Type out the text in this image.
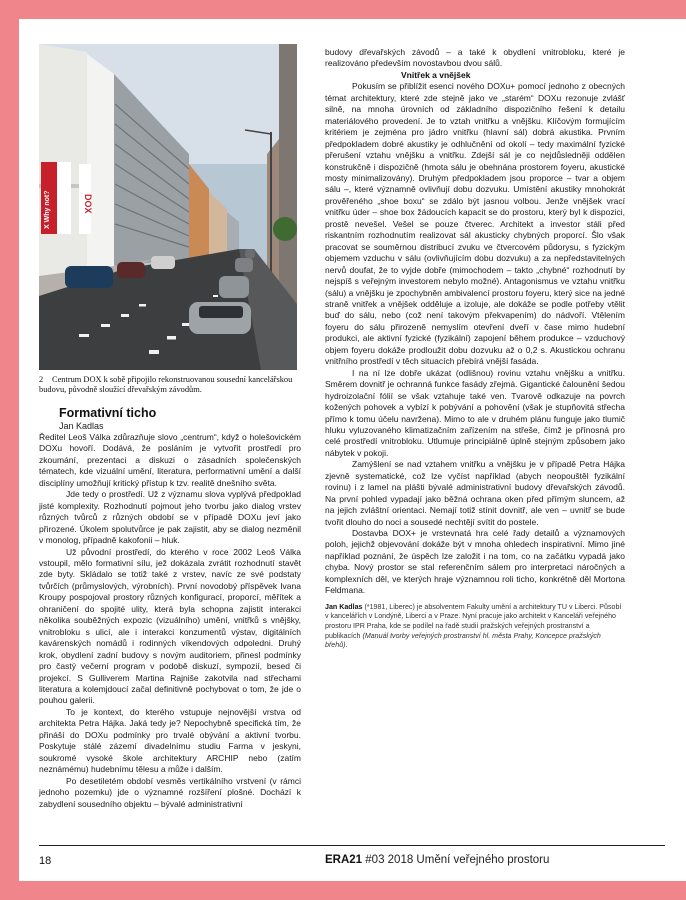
DOX
X Why not?
2 Centrum DOX k sobě připojilo rekonstruovanou sousední kancelářskou budovu, původně sloužící dřevařským závodům.
Formativní ticho
Jan Kadlas

Ředitel Leoš Válka zdůrazňuje slovo „centrum“, když o holešovickém DOXu hovoří. Dodává, že posláním je vytvořit prostředí pro zkoumání, prezentaci a diskuzi o zásadních společenských tématech, kde vizuální umění, literatura, performativní umění a další disciplíny umožňují kritický přístup k tzv. realitě dnešního světa.

Jde tedy o prostředí. Už z významu slova vyplývá předpoklad jisté komplexity. Rozhodnutí pojmout jeho tvorbu jako dialog vrstev různých tvůrců z různých období se v případě DOXu jeví jako přirozené. Úkolem spolutvůrce je pak zajistit, aby se dialog nezměnil v monolog, případně kakofonii – hluk.

Už původní prostředí, do kterého v roce 2002 Leoš Válka vstoupil, mělo formativní sílu, jež dokázala zvrátit rozhodnutí stavět zde byty. Skládalo se totiž také z vrstev, navíc ze své podstaty tvůrčích (průmyslových, výrobních). První novodobý příspěvek Ivana Kroupy pospojoval prostory různých konfigurací, proporcí, měřítek a ohraničení do spojité ulity, která byla schopna zajistit interakci několika souběžných expozic (vizuálního) umění, vnitřků s vnějšky, vnitrobloku s ulicí, ale i interakci konzumentů výstav, digitálních kavárenských nomádů i rodinných víkendových odpoledni. Druhý krok, obydlení zadní budovy s novým auditoriem, přinesl podmínky pro častý večerní program v podobě diskuzí, sympozií, besed či projekcí. S Gulliverem Martina Rajniše zakotvila nad střechami literatura a kolemjdoucí začal definitivně pochybovat o tom, že jde o pouhou galerii.

To je kontext, do kterého vstupuje nejnovější vrstva od architekta Petra Hájka. Jaká tedy je? Nepochybně specifická tím, že přináší do DOXu podmínky pro trvalé obývání a aktivní tvorbu. Poskytuje stálé zázemí divadelnímu studiu Farma v jeskyni, soukromé vysoké škole architektury ARCHIP nebo (zatím neznámému) hudebnímu tělesu a může i dalším.

Po desetiletém období vesměs vertikálního vrstvení (v rámci jednoho pozemku) jde o významné rozšíření plošné. Dochází k zabydlení sousedního objektu – bývalé administrativní

budovy dřevařských závodů – a také k obydlení vnitrobloku, které je realizováno především novostavbou dvou sálů.

Vnitřek a vnějšek

Pokusím se přiblížit esenci nového DOXu+ pomocí jednoho z obecných témat architektury, které zde stejně jako ve „starém“ DOXu rezonuje zvlášť silně, na mnoha úrovních od základního dispozičního řešení k detailu materiálového provedení. Je to vztah vnitřku a vnějšku. Klíčovým formujícím kritériem je zejména pro jádro vnitřku (hlavní sál) dobrá akustika. Prvním předpokladem dobré akustiky je odhlučnění od okolí – tedy maximální fyzické přerušení vztahu vnějšku a vnitřku. Zdejší sál je co nejdůsledněji oddělen konstrukčně i dispozičně (hmota sálu je obehnána prostorem foyeru, akustické mosty minimalizovány). Druhým předpokladem jsou proporce – tvar a objem sálu –, které významně ovlivňují dobu dozvuku. Umístění akustiky mnohokrát prověřeného „shoe boxu“ se zdálo být jasnou volbou. Jenže vnějšek vrací vnitřku úder – shoe box žádoucích kapacit se do prostoru, který byl k dispozici, prostě nevešel. Vešel se pouze čtverec. Architekt a investor stáli před riskantním rozhodnutím realizovat sál akusticky chybných proporcí. Šlo však pracovat se souměrnou distribucí zvuku ve čtvercovém půdorysu, s fyzickým objemem vzduchu v sálu (ovlivňujícím dobu dozvuku) a za nepředstavitelných nervů doufat, že to vyjde dobře (mimochodem – takto „chybné“ rozhodnutí by nejspíš s veřejným investorem nebylo možné). Antagonismus ve vztahu vnitřku (sálu) a vnějšku je zpochybněn ambivalencí prostoru foyeru, který sice na jedné straně vnitřek a vnějšek odděluje a izoluje, ale dokáže se podle potřeby vtělit buď do sálu, nebo (což není takovým překvapením) do nádvoří. Vtělením foyeru do sálu přirozeně nemyslím otevření dveří v čase mimo hudební produkci, ale aktivní fyzické (fyzikální) zapojení během produkce – vzduchový objem foyeru dokáže prodloužit dobu dozvuku až o 0,2 s. Akustickou ochranu vnitřního prostředí v těch situacích přebírá vnější fasáda.

I na ní lze dobře ukázat (odlišnou) rovinu vztahu vnějšku a vnitřku. Směrem dovnitř je ochranná funkce fasády zřejmá. Gigantické čalounění šedou hydroizolační fólií se však vztahuje také ven. Tvarově odkazuje na povrch kožených pohovek a vybízí k pobývání a pohovění (však je stupňovitá střecha přímo k tomu účelu navržena). Mimo to ale v druhém plánu funguje jako tlumič hluku vyluzovaného klimatizačním zařízením na střeše, čímž je přínosná pro celé prostředí vnitrobloku. Utlumuje principiálně úplně stejným způsobem jako nábytek v pokoji.

Zamýšlení se nad vztahem vnitřku a vnějšku je v případě Petra Hájka zjevně systematické, což lze vyčíst například (abych neopouštěl fyzikální rovinu) i z lamel na plášti bývalé administrativní budovy dřevařských závodů. Na první pohled vypadají jako běžná ochrana oken před přímým sluncem, až na jejich zvláštní orientaci. Nemají totiž stínit dovnitř, ale ven – uvnitř se bude tvořit dlouho do noci a sousedé nechtějí svítit do postele.

Dostavba DOX+ je vrstevnatá hra celé řady detailů a významových poloh, jejichž objevování dokáže být v mnoha ohledech inspirativní. Mimo jiné například poznání, že úspěch lze založit i na tom, co na začátku vypadá jako chyba. Nový prostor se stal referenčním sálem pro interpretaci náročných a komplexních děl, ve kterých hraje významnou roli ticho, konkrétně děl Mortona Feldmana.

Jan Kadlas (*1981, Liberec) je absolventem Fakulty umění a architektury TU v Liberci. Působí v kancelářích v Londýně, Liberci a v Praze. Nyní pracuje jako architekt v Kanceláři veřejného prostoru IPR Praha, kde se podílel na řadě studií pražských veřejných prostranství a publikacích (Manuál tvorby veřejných prostranství hl. města Prahy, Koncepce pražských břehů).
18	ERA21 #03 2018 Umění veřejného prostoru
